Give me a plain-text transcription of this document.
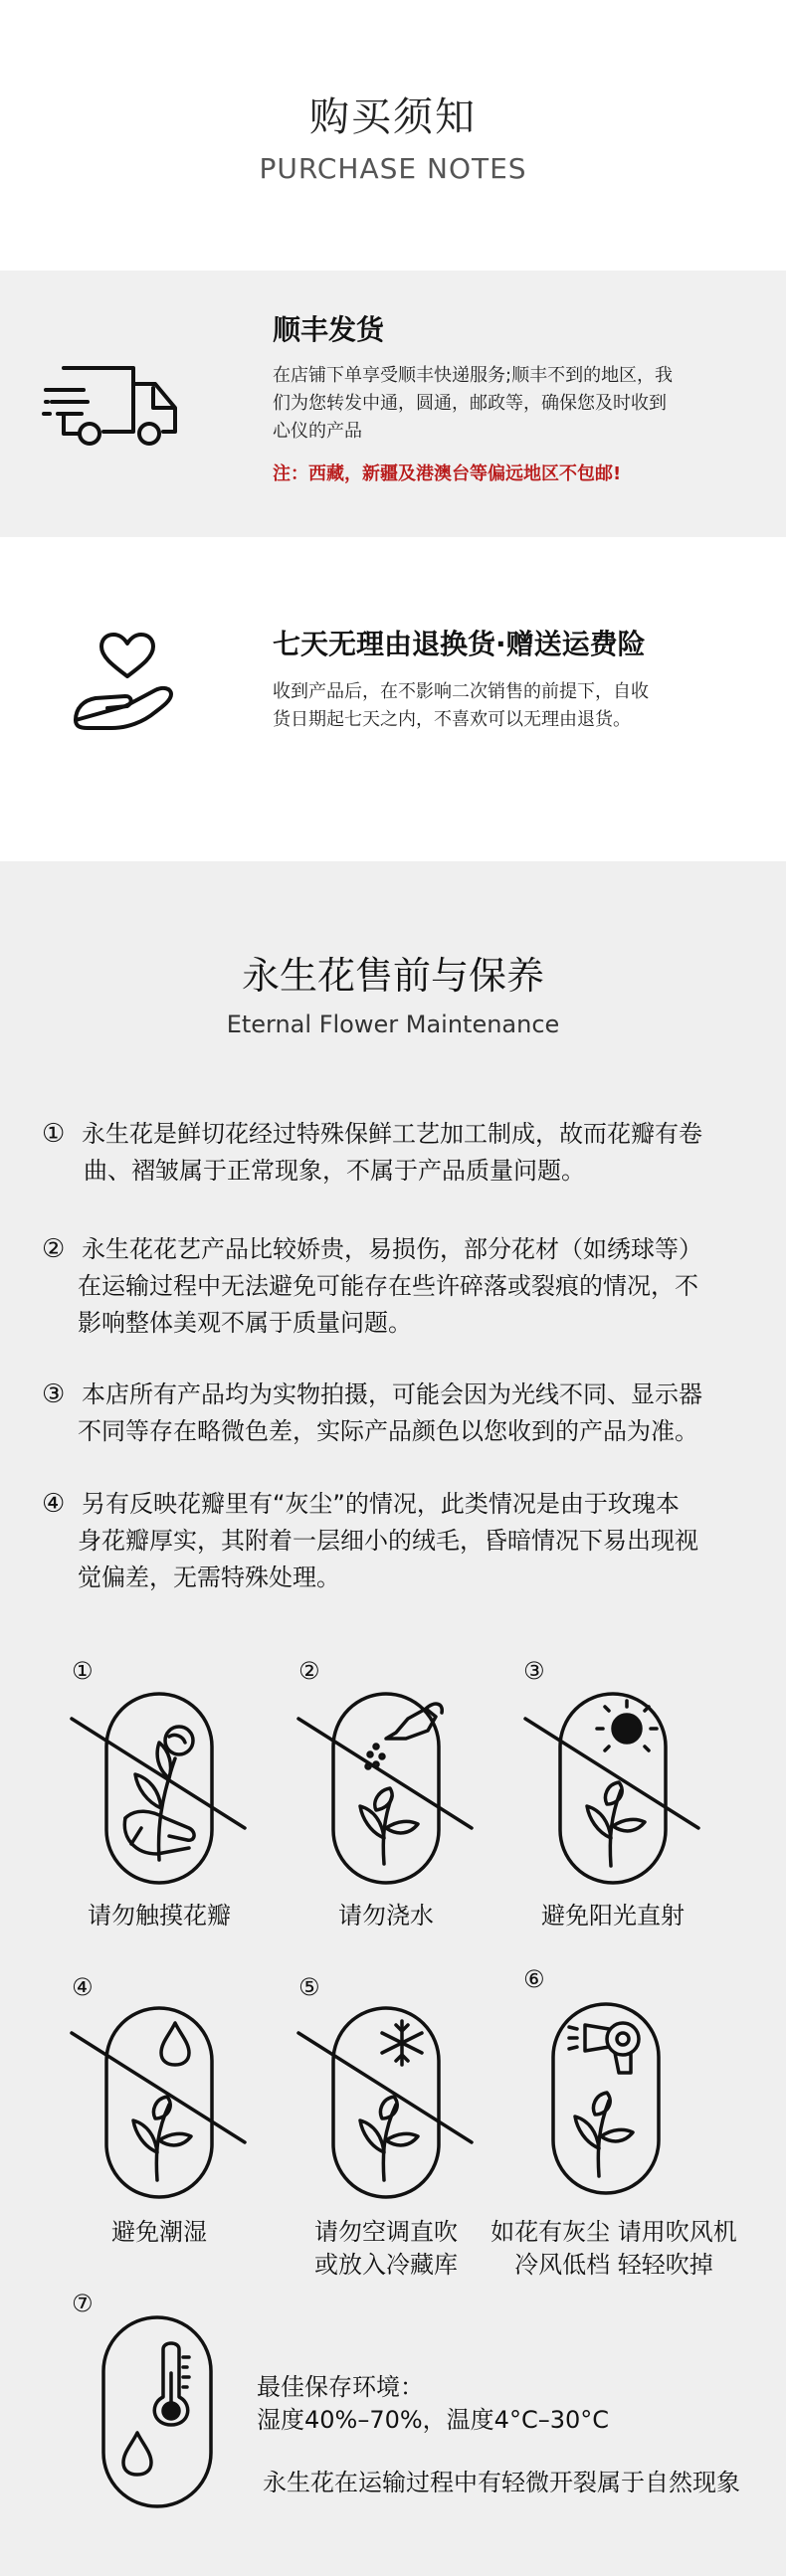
购买须知
PURCHASE NOTES
顺丰发货
在店铺下单享受顺丰快递服务;顺丰不到的地区，我
们为您转发中通，圆通，邮政等，确保您及时收到
心仪的产品
注：西藏，新疆及港澳台等偏远地区不包邮!
七天无理由退换货·赠送运费险
收到产品后，在不影响二次销售的前提下，自收
货日期起七天之内，不喜欢可以无理由退货。
永生花售前与保养
Eternal Flower Maintenance
① 永生花是鲜切花经过特殊保鲜工艺加工制成，故而花瓣有卷
曲、褶皱属于正常现象，不属于产品质量问题。
② 永生花花艺产品比较娇贵，易损伤，部分花材（如绣球等）
在运输过程中无法避免可能存在些许碎落或裂痕的情况，不
影响整体美观不属于质量问题。
③ 本店所有产品均为实物拍摄，可能会因为光线不同、显示器
不同等存在略微色差，实际产品颜色以您收到的产品为准。
④ 另有反映花瓣里有“灰尘”的情况，此类情况是由于玫瑰本
身花瓣厚实，其附着一层细小的绒毛，昏暗情况下易出现视
觉偏差，无需特殊处理。
①
请勿触摸花瓣
②
请勿浇水
③
避免阳光直射
④
避免潮湿
⑤
请勿空调直吹
或放入冷藏库
⑥
如花有灰尘 请用吹风机
冷风低档 轻轻吹掉
⑦
最佳保存环境：
湿度40%–70%，温度4°C–30°C
永生花在运输过程中有轻微开裂属于自然现象
